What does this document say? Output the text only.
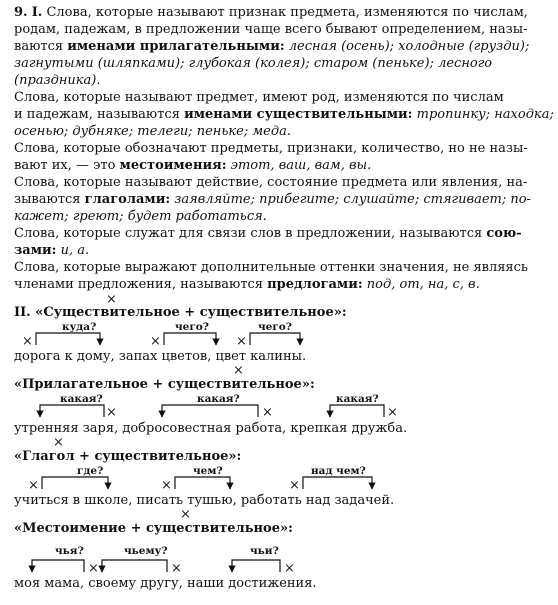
9. I. Слова, которые называют признак предмета, изменяются по числам,
родам, падежам, в предложении чаще всего бывают определением, назы-
ваются именами прилагательными: лесная (осень); холодные (грузди);
загнутыми (шляпками); глубокая (колея); старом (пеньке); лесного
(праздника).
Слова, которые называют предмет, имеют род, изменяются по числам
и падежам, называются именами существительными: тропинку; находка;
осенью; дубняке; телеги; пеньке; меда.
Слова, которые обозначают предметы, признаки, количество, но не назы-
вают их, — это местоимения: этот, ваш, вам, вы.
Слова, которые называют действие, состояние предмета или явления, на-
зываются глаголами: заявляйте; прибегите; слушайте; стягивает; по-
кажет; греют; будет работаться.
Слова, которые служат для связи слов в предложении, называются сою-
зами: и, а.
Слова, которые выражают дополнительные оттенки значения, не являясь
членами предложения, называются предлогами: под, от, на, с, в.
×
II. «Существительное + существительное»:
куда?	чего?	чего?
×	×	×
дорога к дому, запах цветов, цвет калины.
×
«Прилагательное + существительное»:
какая?	какая?	какая?
×	×	×
утренняя заря, добросовестная работа, крепкая дружба.
×
«Глагол + существительное»:
где?	чем?	над чем?
×	×	×
учиться в школе, писать тушью, работать над задачей.
×
«Местоимение + существительное»:
чья?	чьему?	чьи?
×	×	×
моя мама, своему другу, наши достижения.
